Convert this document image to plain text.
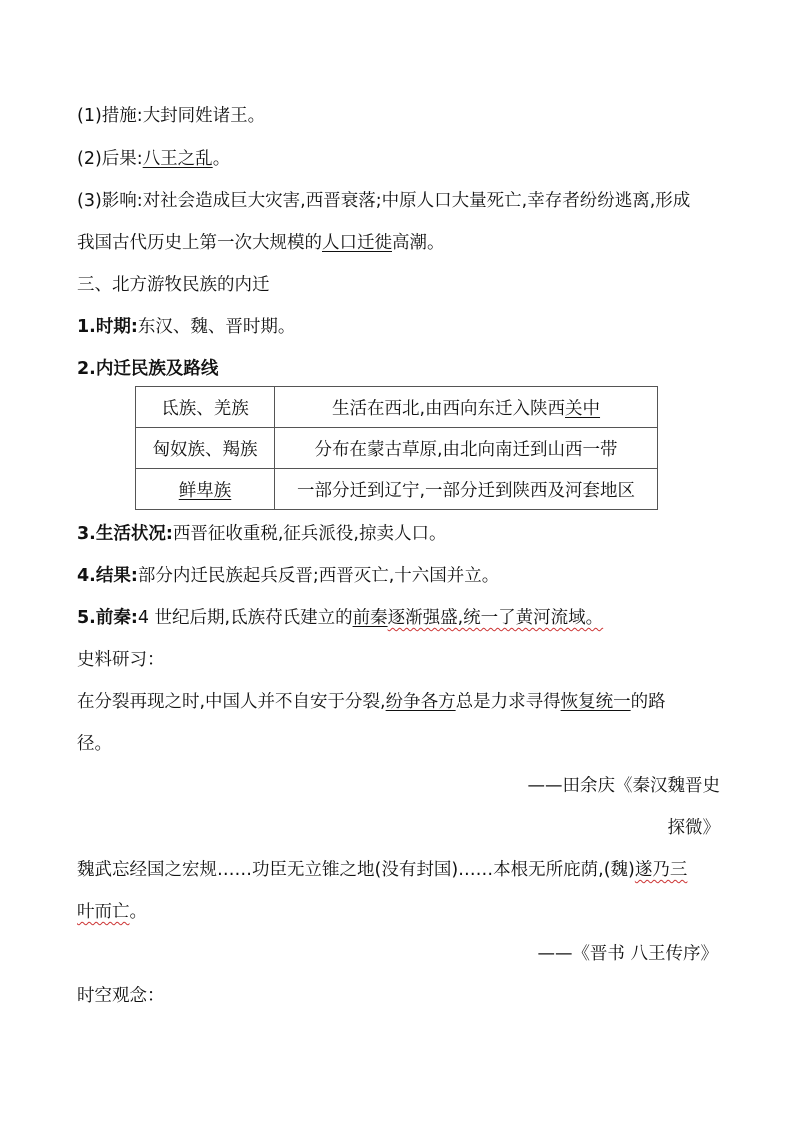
(1)措施:大封同姓诸王。
(2)后果:八王之乱。
(3)影响:对社会造成巨大灾害,西晋衰落;中原人口大量死亡,幸存者纷纷逃离,形成
我国古代历史上第一次大规模的人口迁徙高潮。
三、北方游牧民族的内迁
1.时期:东汉、魏、晋时期。
2.内迁民族及路线
氐族、羌族	生活在西北,由西向东迁入陕西关中
匈奴族、羯族	分布在蒙古草原,由北向南迁到山西一带
鲜卑族	一部分迁到辽宁,一部分迁到陕西及河套地区
3.生活状况:西晋征收重税,征兵派役,掠卖人口。
4.结果:部分内迁民族起兵反晋;西晋灭亡,十六国并立。
5.前秦:4 世纪后期,氐族苻氏建立的前秦逐渐强盛,统一了黄河流域。
史料研习：
在分裂再现之时,中国人并不自安于分裂,纷争各方总是力求寻得恢复统一的路
径。
——田余庆《秦汉魏晋史
探微》
魏武忘经国之宏规……功臣无立锥之地(没有封国)……本根无所庇荫,(魏)遂乃三
叶而亡。
——《晋书 八王传序》
时空观念：
